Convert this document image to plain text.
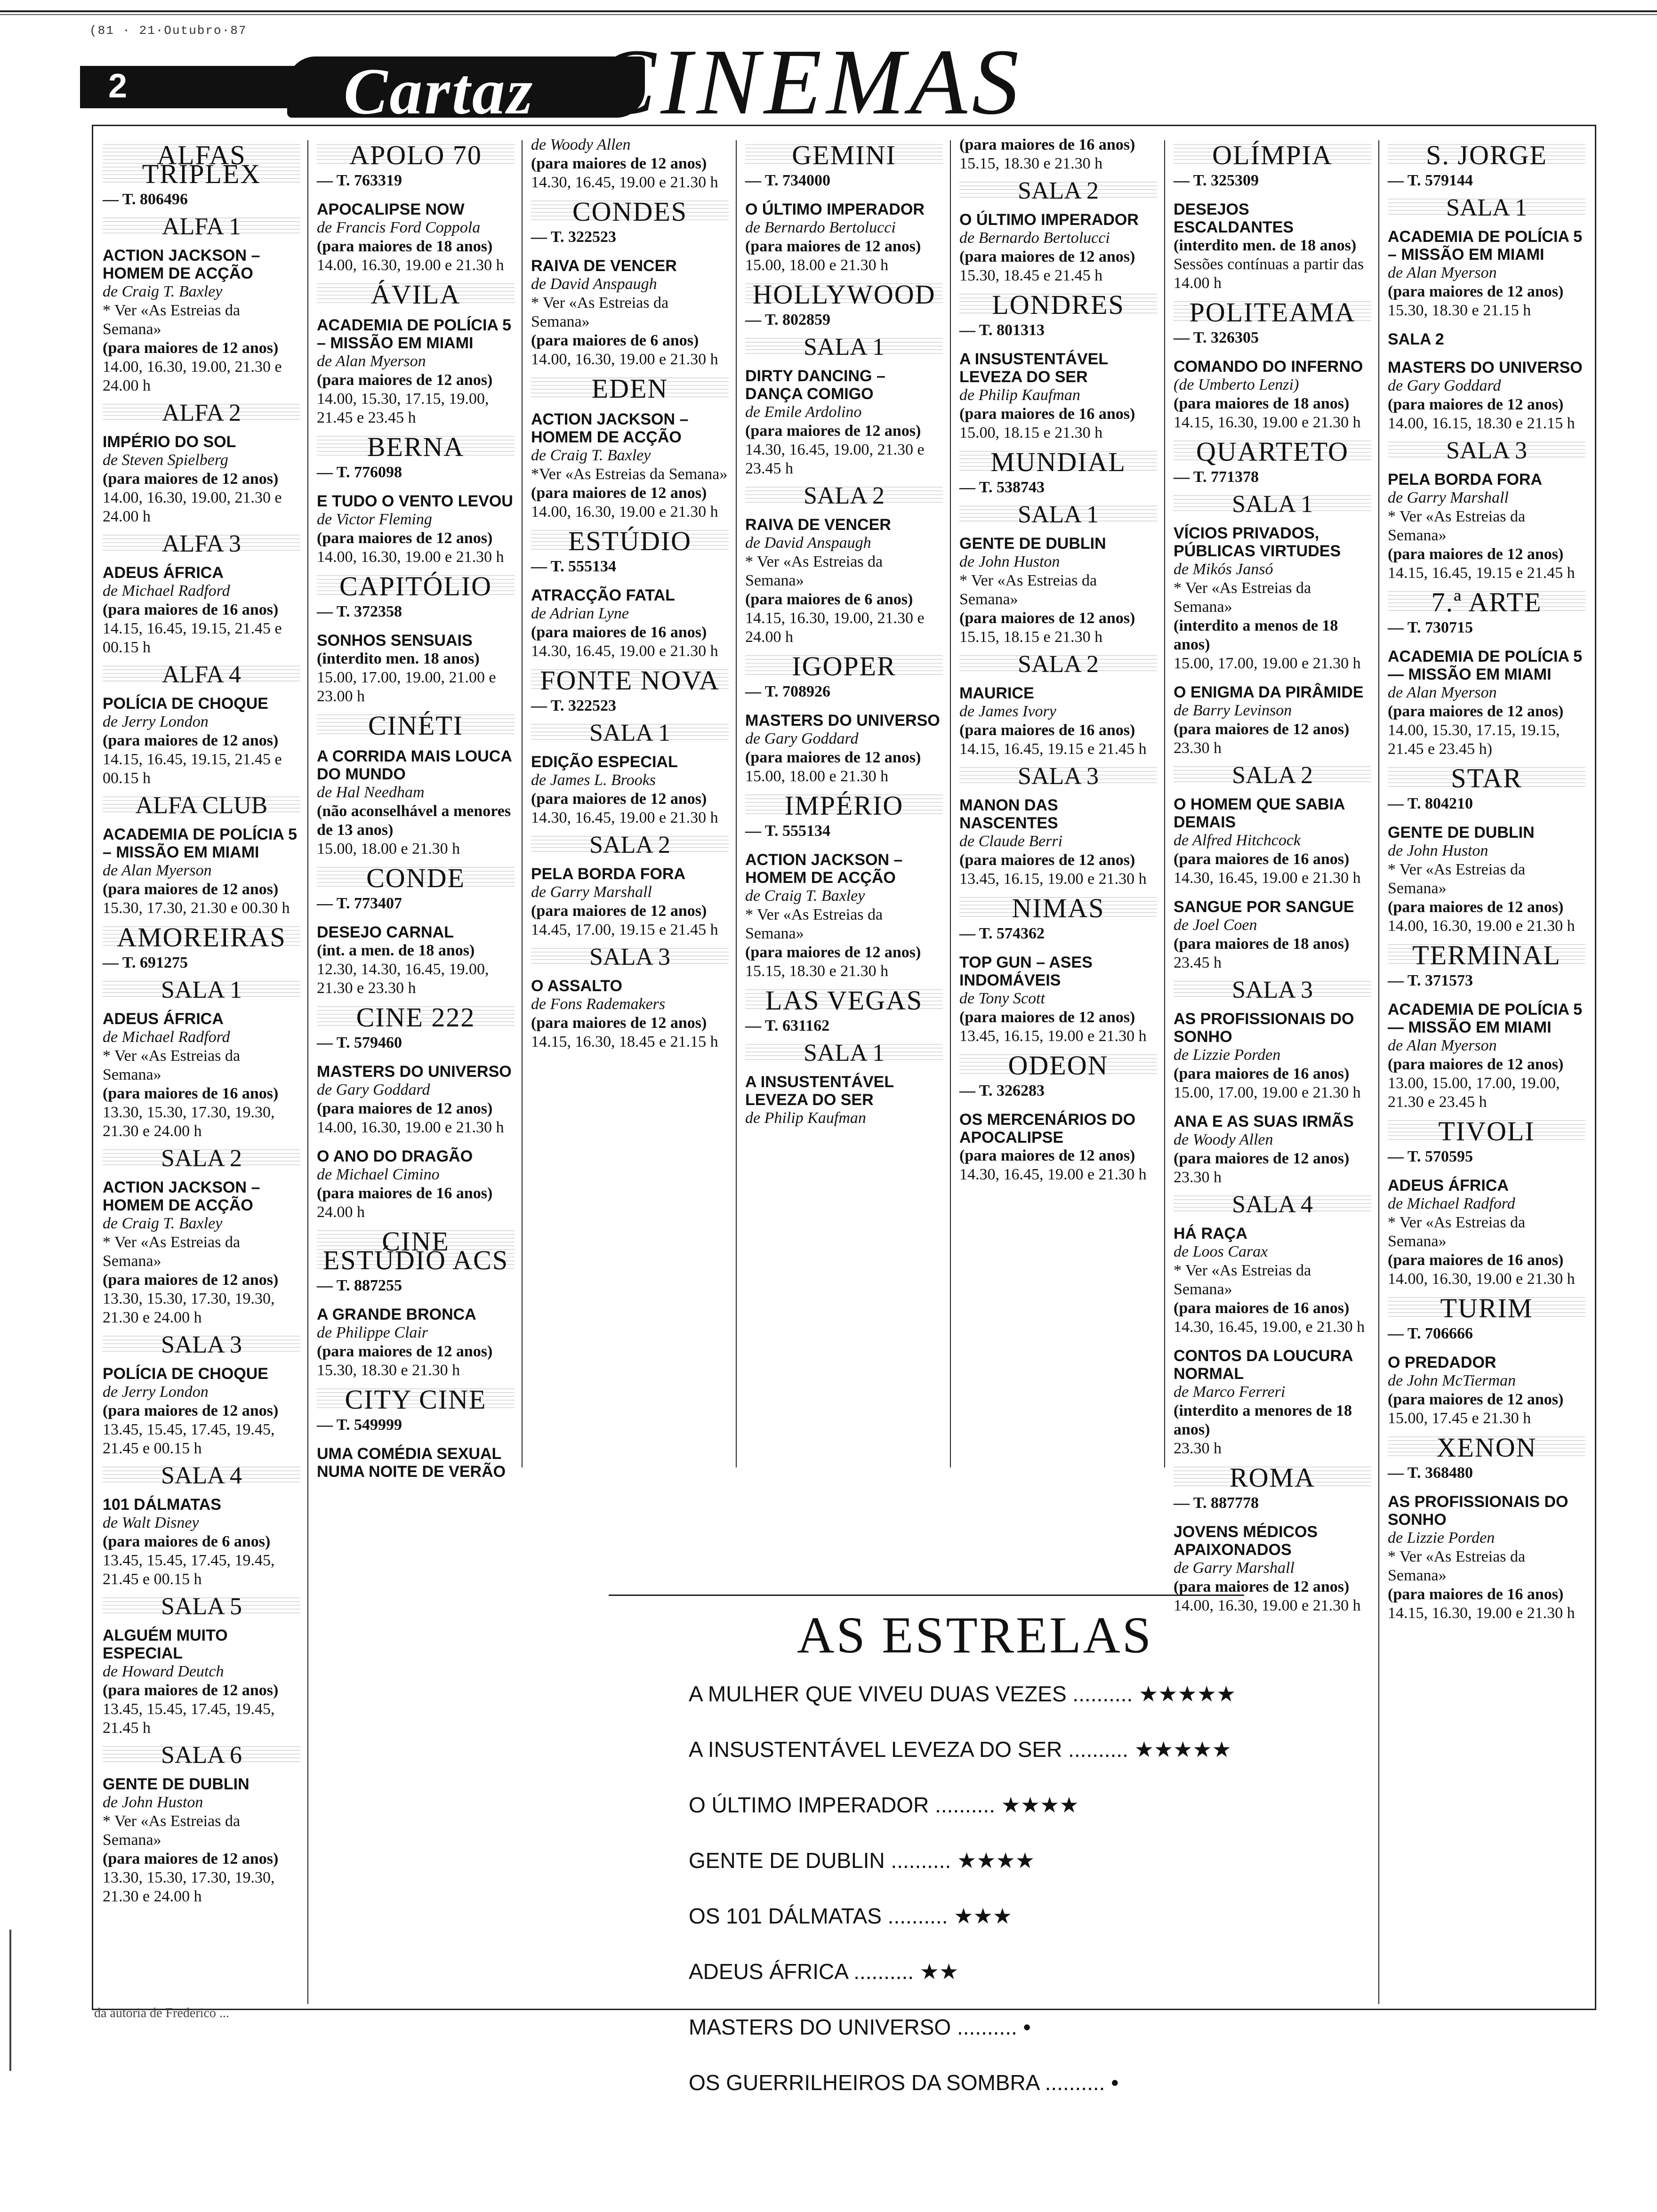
(81 · 21·Outubro·87
2	Cartaz CINEMAS
ALFAS TRIPLEX
— T. 806496
ALFA 1
ACTION JACKSON – HOMEM DE ACÇÃO
de Craig T. Baxley
* Ver «As Estreias da Semana»
(para maiores de 12 anos)
14.00, 16.30, 19.00, 21.30 e 24.00 h
ALFA 2
IMPÉRIO DO SOL
de Steven Spielberg
(para maiores de 12 anos)
14.00, 16.30, 19.00, 21.30 e 24.00 h
ALFA 3
ADEUS ÁFRICA
de Michael Radford
(para maiores de 16 anos)
14.15, 16.45, 19.15, 21.45 e 00.15 h
ALFA 4
POLÍCIA DE CHOQUE
de Jerry London
(para maiores de 12 anos)
14.15, 16.45, 19.15, 21.45 e 00.15 h
ALFA CLUB
ACADEMIA DE POLÍCIA 5 – MISSÃO EM MIAMI
de Alan Myerson
(para maiores de 12 anos)
15.30, 17.30, 21.30 e 00.30 h
AMOREIRAS
— T. 691275
SALA 1
ADEUS ÁFRICA
de Michael Radford
* Ver «As Estreias da Semana»
(para maiores de 16 anos)
13.30, 15.30, 17.30, 19.30, 21.30 e 24.00 h
SALA 2
ACTION JACKSON – HOMEM DE ACÇÃO
de Craig T. Baxley
* Ver «As Estreias da Semana»
(para maiores de 12 anos)
13.30, 15.30, 17.30, 19.30, 21.30 e 24.00 h
SALA 3
POLÍCIA DE CHOQUE
de Jerry London
(para maiores de 12 anos)
13.45, 15.45, 17.45, 19.45, 21.45 e 00.15 h
SALA 4
101 DÁLMATAS
de Walt Disney
(para maiores de 6 anos)
13.45, 15.45, 17.45, 19.45, 21.45 e 00.15 h
SALA 5
ALGUÉM MUITO ESPECIAL
de Howard Deutch
(para maiores de 12 anos)
13.45, 15.45, 17.45, 19.45, 21.45 h
SALA 6
GENTE DE DUBLIN
de John Huston
* Ver «As Estreias da Semana»
(para maiores de 12 anos)
13.30, 15.30, 17.30, 19.30, 21.30 e 24.00 h
APOLO 70
— T. 763319
APOCALIPSE NOW
de Francis Ford Coppola
(para maiores de 18 anos)
14.00, 16.30, 19.00 e 21.30 h
ÁVILA
ACADEMIA DE POLÍCIA 5 – MISSÃO EM MIAMI
de Alan Myerson
(para maiores de 12 anos)
14.00, 15.30, 17.15, 19.00, 21.45 e 23.45 h
BERNA
— T. 776098
E TUDO O VENTO LEVOU
de Victor Fleming
(para maiores de 12 anos)
14.00, 16.30, 19.00 e 21.30 h
CAPITÓLIO
— T. 372358
SONHOS SENSUAIS
(interdito men. 18 anos)
15.00, 17.00, 19.00, 21.00 e 23.00 h
CINÉTI
A CORRIDA MAIS LOUCA DO MUNDO
de Hal Needham
(não aconselhável a menores de 13 anos)
15.00, 18.00 e 21.30 h
CONDE
— T. 773407
DESEJO CARNAL
(int. a men. de 18 anos)
12.30, 14.30, 16.45, 19.00, 21.30 e 23.30 h
CINE 222
— T. 579460
MASTERS DO UNIVERSO
de Gary Goddard
(para maiores de 12 anos)
14.00, 16.30, 19.00 e 21.30 h
O ANO DO DRAGÃO
de Michael Cimino
(para maiores de 16 anos)
24.00 h
CINE ESTÚDIO ACS
— T. 887255
A GRANDE BRONCA
de Philippe Clair
(para maiores de 12 anos)
15.30, 18.30 e 21.30 h
CITY CINE
— T. 549999
UMA COMÉDIA SEXUAL NUMA NOITE DE VERÃO
de Woody Allen
(para maiores de 12 anos)
14.30, 16.45, 19.00 e 21.30 h
CONDES
— T. 322523
RAIVA DE VENCER
de David Anspaugh
* Ver «As Estreias da Semana»
(para maiores de 6 anos)
14.00, 16.30, 19.00 e 21.30 h
EDEN
ACTION JACKSON – HOMEM DE ACÇÃO
de Craig T. Baxley
*Ver «As Estreias da Semana»
(para maiores de 12 anos)
14.00, 16.30, 19.00 e 21.30 h
ESTÚDIO
— T. 555134
ATRACÇÃO FATAL
de Adrian Lyne
(para maiores de 16 anos)
14.30, 16.45, 19.00 e 21.30 h
FONTE NOVA
— T. 322523
SALA 1
EDIÇÃO ESPECIAL
de James L. Brooks
(para maiores de 12 anos)
14.30, 16.45, 19.00 e 21.30 h
SALA 2
PELA BORDA FORA
de Garry Marshall
(para maiores de 12 anos)
14.45, 17.00, 19.15 e 21.45 h
SALA 3
O ASSALTO
de Fons Rademakers
(para maiores de 12 anos)
14.15, 16.30, 18.45 e 21.15 h
GEMINI
— T. 734000
O ÚLTIMO IMPERADOR
de Bernardo Bertolucci
(para maiores de 12 anos)
15.00, 18.00 e 21.30 h
HOLLYWOOD
— T. 802859
SALA 1
DIRTY DANCING – DANÇA COMIGO
de Emile Ardolino
(para maiores de 12 anos)
14.30, 16.45, 19.00, 21.30 e 23.45 h
SALA 2
RAIVA DE VENCER
de David Anspaugh
* Ver «As Estreias da Semana»
(para maiores de 6 anos)
14.15, 16.30, 19.00, 21.30 e 24.00 h
IGOPER
— T. 708926
MASTERS DO UNIVERSO
de Gary Goddard
(para maiores de 12 anos)
15.00, 18.00 e 21.30 h
IMPÉRIO
— T. 555134
ACTION JACKSON – HOMEM DE ACÇÃO
de Craig T. Baxley
* Ver «As Estreias da Semana»
(para maiores de 12 anos)
15.15, 18.30 e 21.30 h
LAS VEGAS
— T. 631162
SALA 1
A INSUSTENTÁVEL LEVEZA DO SER
de Philip Kaufman
(para maiores de 16 anos)
15.15, 18.30 e 21.30 h
SALA 2
O ÚLTIMO IMPERADOR
de Bernardo Bertolucci
(para maiores de 12 anos)
15.30, 18.45 e 21.45 h
LONDRES
— T. 801313
A INSUSTENTÁVEL LEVEZA DO SER
de Philip Kaufman
(para maiores de 16 anos)
15.00, 18.15 e 21.30 h
MUNDIAL
— T. 538743
SALA 1
GENTE DE DUBLIN
de John Huston
* Ver «As Estreias da Semana»
(para maiores de 12 anos)
15.15, 18.15 e 21.30 h
SALA 2
MAURICE
de James Ivory
(para maiores de 16 anos)
14.15, 16.45, 19.15 e 21.45 h
SALA 3
MANON DAS NASCENTES
de Claude Berri
(para maiores de 12 anos)
13.45, 16.15, 19.00 e 21.30 h
NIMAS
— T. 574362
TOP GUN – ASES INDOMÁVEIS
de Tony Scott
(para maiores de 12 anos)
13.45, 16.15, 19.00 e 21.30 h
ODEON
— T. 326283
OS MERCENÁRIOS DO APOCALIPSE
(para maiores de 12 anos)
14.30, 16.45, 19.00 e 21.30 h
OLÍMPIA
— T. 325309
DESEJOS ESCALDANTES
(interdito men. de 18 anos)
Sessões contínuas a partir das 14.00 h
POLITEAMA
— T. 326305
COMANDO DO INFERNO
(de Umberto Lenzi)
(para maiores de 18 anos)
14.15, 16.30, 19.00 e 21.30 h
QUARTETO
— T. 771378
SALA 1
VÍCIOS PRIVADOS, PÚBLICAS VIRTUDES
de Mikós Jansó
* Ver «As Estreias da Semana»
(interdito a menos de 18 anos)
15.00, 17.00, 19.00 e 21.30 h
O ENIGMA DA PIRÂMIDE
de Barry Levinson
(para maiores de 12 anos)
23.30 h
SALA 2
O HOMEM QUE SABIA DEMAIS
de Alfred Hitchcock
(para maiores de 16 anos)
14.30, 16.45, 19.00 e 21.30 h
SANGUE POR SANGUE
de Joel Coen
(para maiores de 18 anos)
23.45 h
SALA 3
AS PROFISSIONAIS DO SONHO
de Lizzie Porden
(para maiores de 16 anos)
15.00, 17.00, 19.00 e 21.30 h
ANA E AS SUAS IRMÃS
de Woody Allen
(para maiores de 12 anos)
23.30 h
SALA 4
HÁ RAÇA
de Loos Carax
* Ver «As Estreias da Semana»
(para maiores de 16 anos)
14.30, 16.45, 19.00, e 21.30 h
CONTOS DA LOUCURA NORMAL
de Marco Ferreri
(interdito a menores de 18 anos)
23.30 h
ROMA
— T. 887778
JOVENS MÉDICOS APAIXONADOS
de Garry Marshall
(para maiores de 12 anos)
14.00, 16.30, 19.00 e 21.30 h
S. JORGE
— T. 579144
SALA 1
ACADEMIA DE POLÍCIA 5 – MISSÃO EM MIAMI
de Alan Myerson
(para maiores de 12 anos)
15.30, 18.30 e 21.15 h
SALA 2
MASTERS DO UNIVERSO
de Gary Goddard
(para maiores de 12 anos)
14.00, 16.15, 18.30 e 21.15 h
SALA 3
PELA BORDA FORA
de Garry Marshall
* Ver «As Estreias da Semana»
(para maiores de 12 anos)
14.15, 16.45, 19.15 e 21.45 h
7.ª ARTE
— T. 730715
ACADEMIA DE POLÍCIA 5 — MISSÃO EM MIAMI
de Alan Myerson
(para maiores de 12 anos)
14.00, 15.30, 17.15, 19.15, 21.45 e 23.45 h)
STAR
— T. 804210
GENTE DE DUBLIN
de John Huston
* Ver «As Estreias da Semana»
(para maiores de 12 anos)
14.00, 16.30, 19.00 e 21.30 h
TERMINAL
— T. 371573
ACADEMIA DE POLÍCIA 5 — MISSÃO EM MIAMI
de Alan Myerson
(para maiores de 12 anos)
13.00, 15.00, 17.00, 19.00, 21.30 e 23.45 h
TIVOLI
— T. 570595
ADEUS ÁFRICA
de Michael Radford
* Ver «As Estreias da Semana»
(para maiores de 16 anos)
14.00, 16.30, 19.00 e 21.30 h
TURIM
— T. 706666
O PREDADOR
de John McTierman
(para maiores de 12 anos)
15.00, 17.45 e 21.30 h
XENON
— T. 368480
AS PROFISSIONAIS DO SONHO
de Lizzie Porden
* Ver «As Estreias da Semana»
(para maiores de 16 anos)
14.15, 16.30, 19.00 e 21.30 h
AS ESTRELAS
A MULHER QUE VIVEU DUAS VEZES .......... ★★★★★
A INSUSTENTÁVEL LEVEZA DO SER .......... ★★★★★
O ÚLTIMO IMPERADOR .......... ★★★★
GENTE DE DUBLIN .......... ★★★★
OS 101 DÁLMATAS .......... ★★★
ADEUS ÁFRICA .......... ★★
MASTERS DO UNIVERSO .......... •
OS GUERRILHEIROS DA SOMBRA .......... •
da autoria de Frederico ...
